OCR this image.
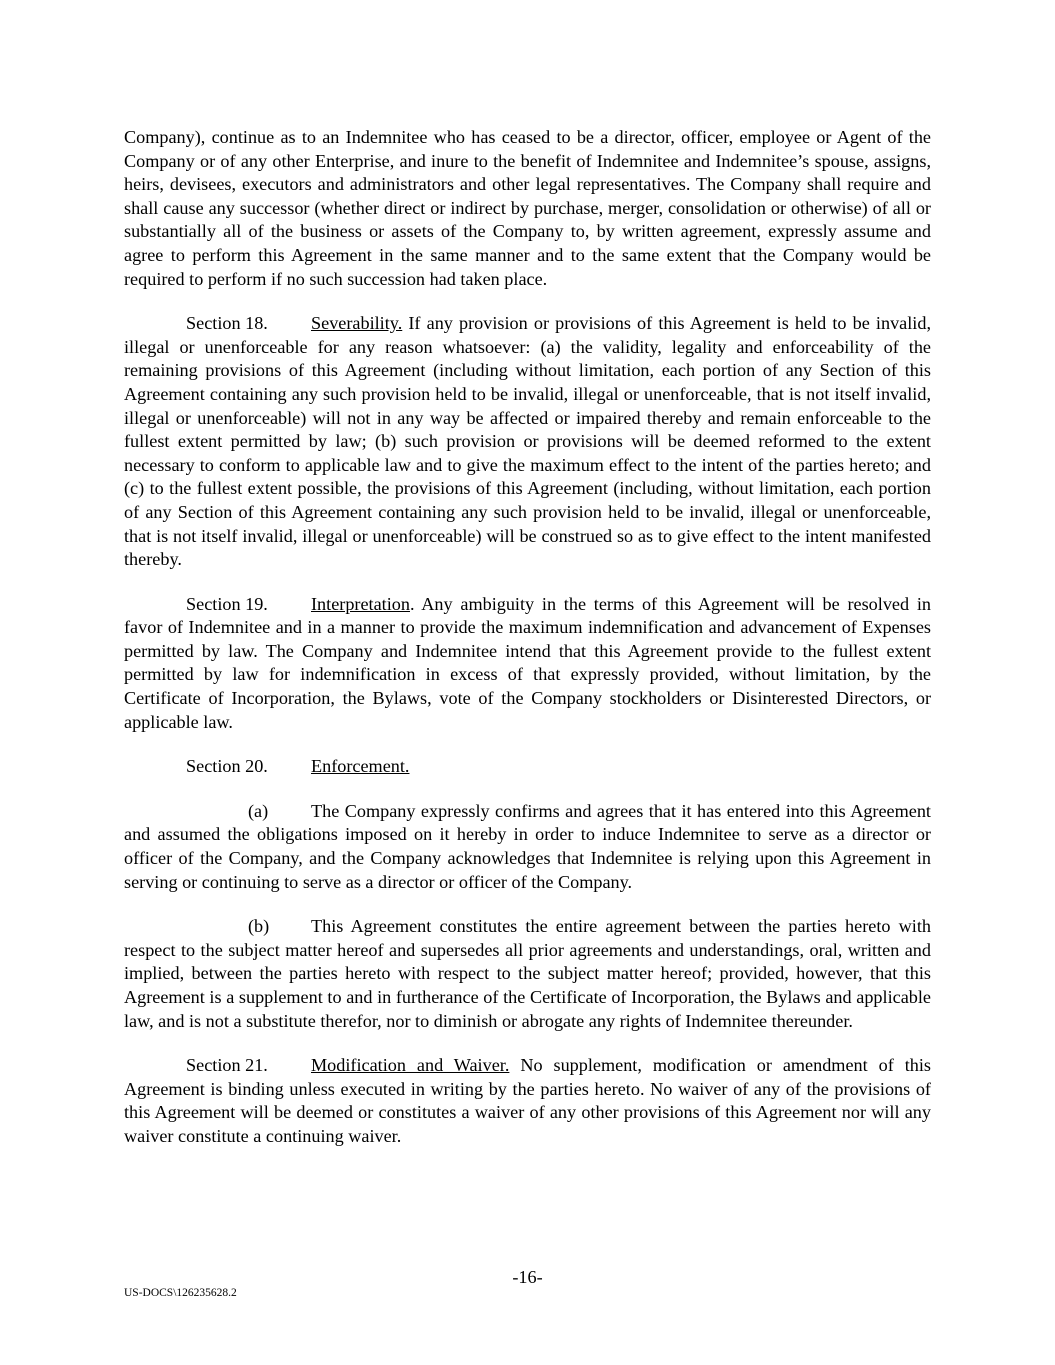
Company), continue as to an Indemnitee who has ceased to be a director, officer, employee or Agent of the Company or of any other Enterprise, and inure to the benefit of Indemnitee and Indemnitee’s spouse, assigns, heirs, devisees, executors and administrators and other legal representatives. The Company shall require and shall cause any successor (whether direct or indirect by purchase, merger, consolidation or otherwise) of all or substantially all of the business or assets of the Company to, by written agreement, expressly assume and agree to perform this Agreement in the same manner and to the same extent that the Company would be required to perform if no such succession had taken place.

Section 18. Severability. If any provision or provisions of this Agreement is held to be invalid, illegal or unenforceable for any reason whatsoever: (a) the validity, legality and enforceability of the remaining provisions of this Agreement (including without limitation, each portion of any Section of this Agreement containing any such provision held to be invalid, illegal or unenforceable, that is not itself invalid, illegal or unenforceable) will not in any way be affected or impaired thereby and remain enforceable to the fullest extent permitted by law; (b) such provision or provisions will be deemed reformed to the extent necessary to conform to applicable law and to give the maximum effect to the intent of the parties hereto; and (c) to the fullest extent possible, the provisions of this Agreement (including, without limitation, each portion of any Section of this Agreement containing any such provision held to be invalid, illegal or unenforceable, that is not itself invalid, illegal or unenforceable) will be construed so as to give effect to the intent manifested thereby.

Section 19. Interpretation. Any ambiguity in the terms of this Agreement will be resolved in favor of Indemnitee and in a manner to provide the maximum indemnification and advancement of Expenses permitted by law. The Company and Indemnitee intend that this Agreement provide to the fullest extent permitted by law for indemnification in excess of that expressly provided, without limitation, by the Certificate of Incorporation, the Bylaws, vote of the Company stockholders or Disinterested Directors, or applicable law.

Section 20. Enforcement.

(a) The Company expressly confirms and agrees that it has entered into this Agreement and assumed the obligations imposed on it hereby in order to induce Indemnitee to serve as a director or officer of the Company, and the Company acknowledges that Indemnitee is relying upon this Agreement in serving or continuing to serve as a director or officer of the Company.

(b) This Agreement constitutes the entire agreement between the parties hereto with respect to the subject matter hereof and supersedes all prior agreements and understandings, oral, written and implied, between the parties hereto with respect to the subject matter hereof; provided, however, that this Agreement is a supplement to and in furtherance of the Certificate of Incorporation, the Bylaws and applicable law, and is not a substitute therefor, nor to diminish or abrogate any rights of Indemnitee thereunder.

Section 21. Modification and Waiver. No supplement, modification or amendment of this Agreement is binding unless executed in writing by the parties hereto. No waiver of any of the provisions of this Agreement will be deemed or constitutes a waiver of any other provisions of this Agreement nor will any waiver constitute a continuing waiver.

-16-
US-DOCS\126235628.2
